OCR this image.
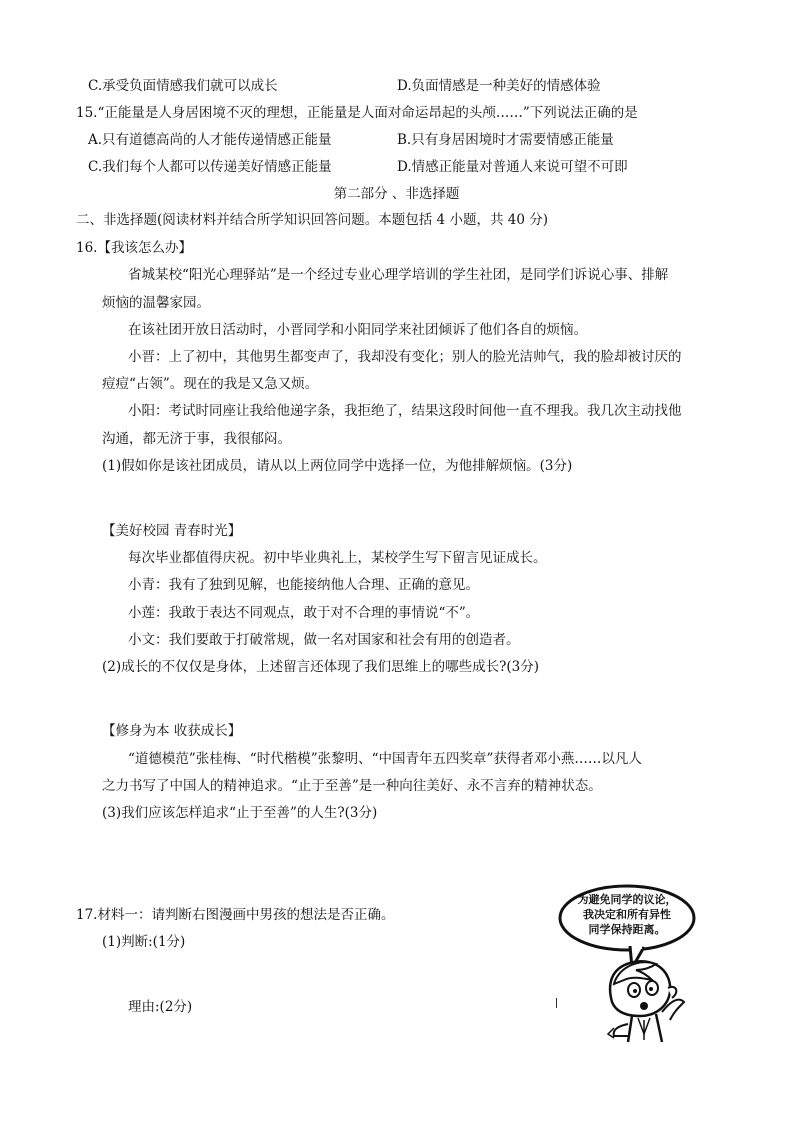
C.承受负面情感我们就可以成长	D.负面情感是一种美好的情感体验
15.“正能量是人身居困境不灭的理想，正能量是人面对命运昂起的头颅……”下列说法正确的是
A.只有道德高尚的人才能传递情感正能量	B.只有身居困境时才需要情感正能量
C.我们每个人都可以传递美好情感正能量	D.情感正能量对普通人来说可望不可即
第二部分 、非选择题
二、非选择题(阅读材料并结合所学知识回答问题。本题包括 4 小题，共 40 分)
16.【我该怎么办】
省城某校“阳光心理驿站”是一个经过专业心理学培训的学生社团，是同学们诉说心事、排解
烦恼的温馨家园。
在该社团开放日活动时，小晋同学和小阳同学来社团倾诉了他们各自的烦恼。
小晋：上了初中，其他男生都变声了，我却没有变化；别人的脸光洁帅气，我的脸却被讨厌的
痘痘“占领”。现在的我是又急又烦。
小阳：考试时同座让我给他递字条，我拒绝了，结果这段时间他一直不理我。我几次主动找他
沟通，都无济于事，我很郁闷。
(1)假如你是该社团成员，请从以上两位同学中选择一位，为他排解烦恼。(3分)
【美好校园 青春时光】
每次毕业都值得庆祝。初中毕业典礼上，某校学生写下留言见证成长。
小青：我有了独到见解，也能接纳他人合理、正确的意见。
小莲：我敢于表达不同观点，敢于对不合理的事情说“不”。
小文：我们要敢于打破常规，做一名对国家和社会有用的创造者。
(2)成长的不仅仅是身体，上述留言还体现了我们思维上的哪些成长?(3分)
【修身为本 收获成长】
“道德模范”张桂梅、“时代楷模”张黎明、“中国青年五四奖章”获得者邓小燕……以凡人
之力书写了中国人的精神追求。“止于至善”是一种向往美好、永不言弃的精神状态。
(3)我们应该怎样追求“止于至善”的人生?(3分)
17.材料一：请判断右图漫画中男孩的想法是否正确。
(1)判断:(1分)
理由:(2分)
为避免同学的议论，
我决定和所有异性
同学保持距离。
